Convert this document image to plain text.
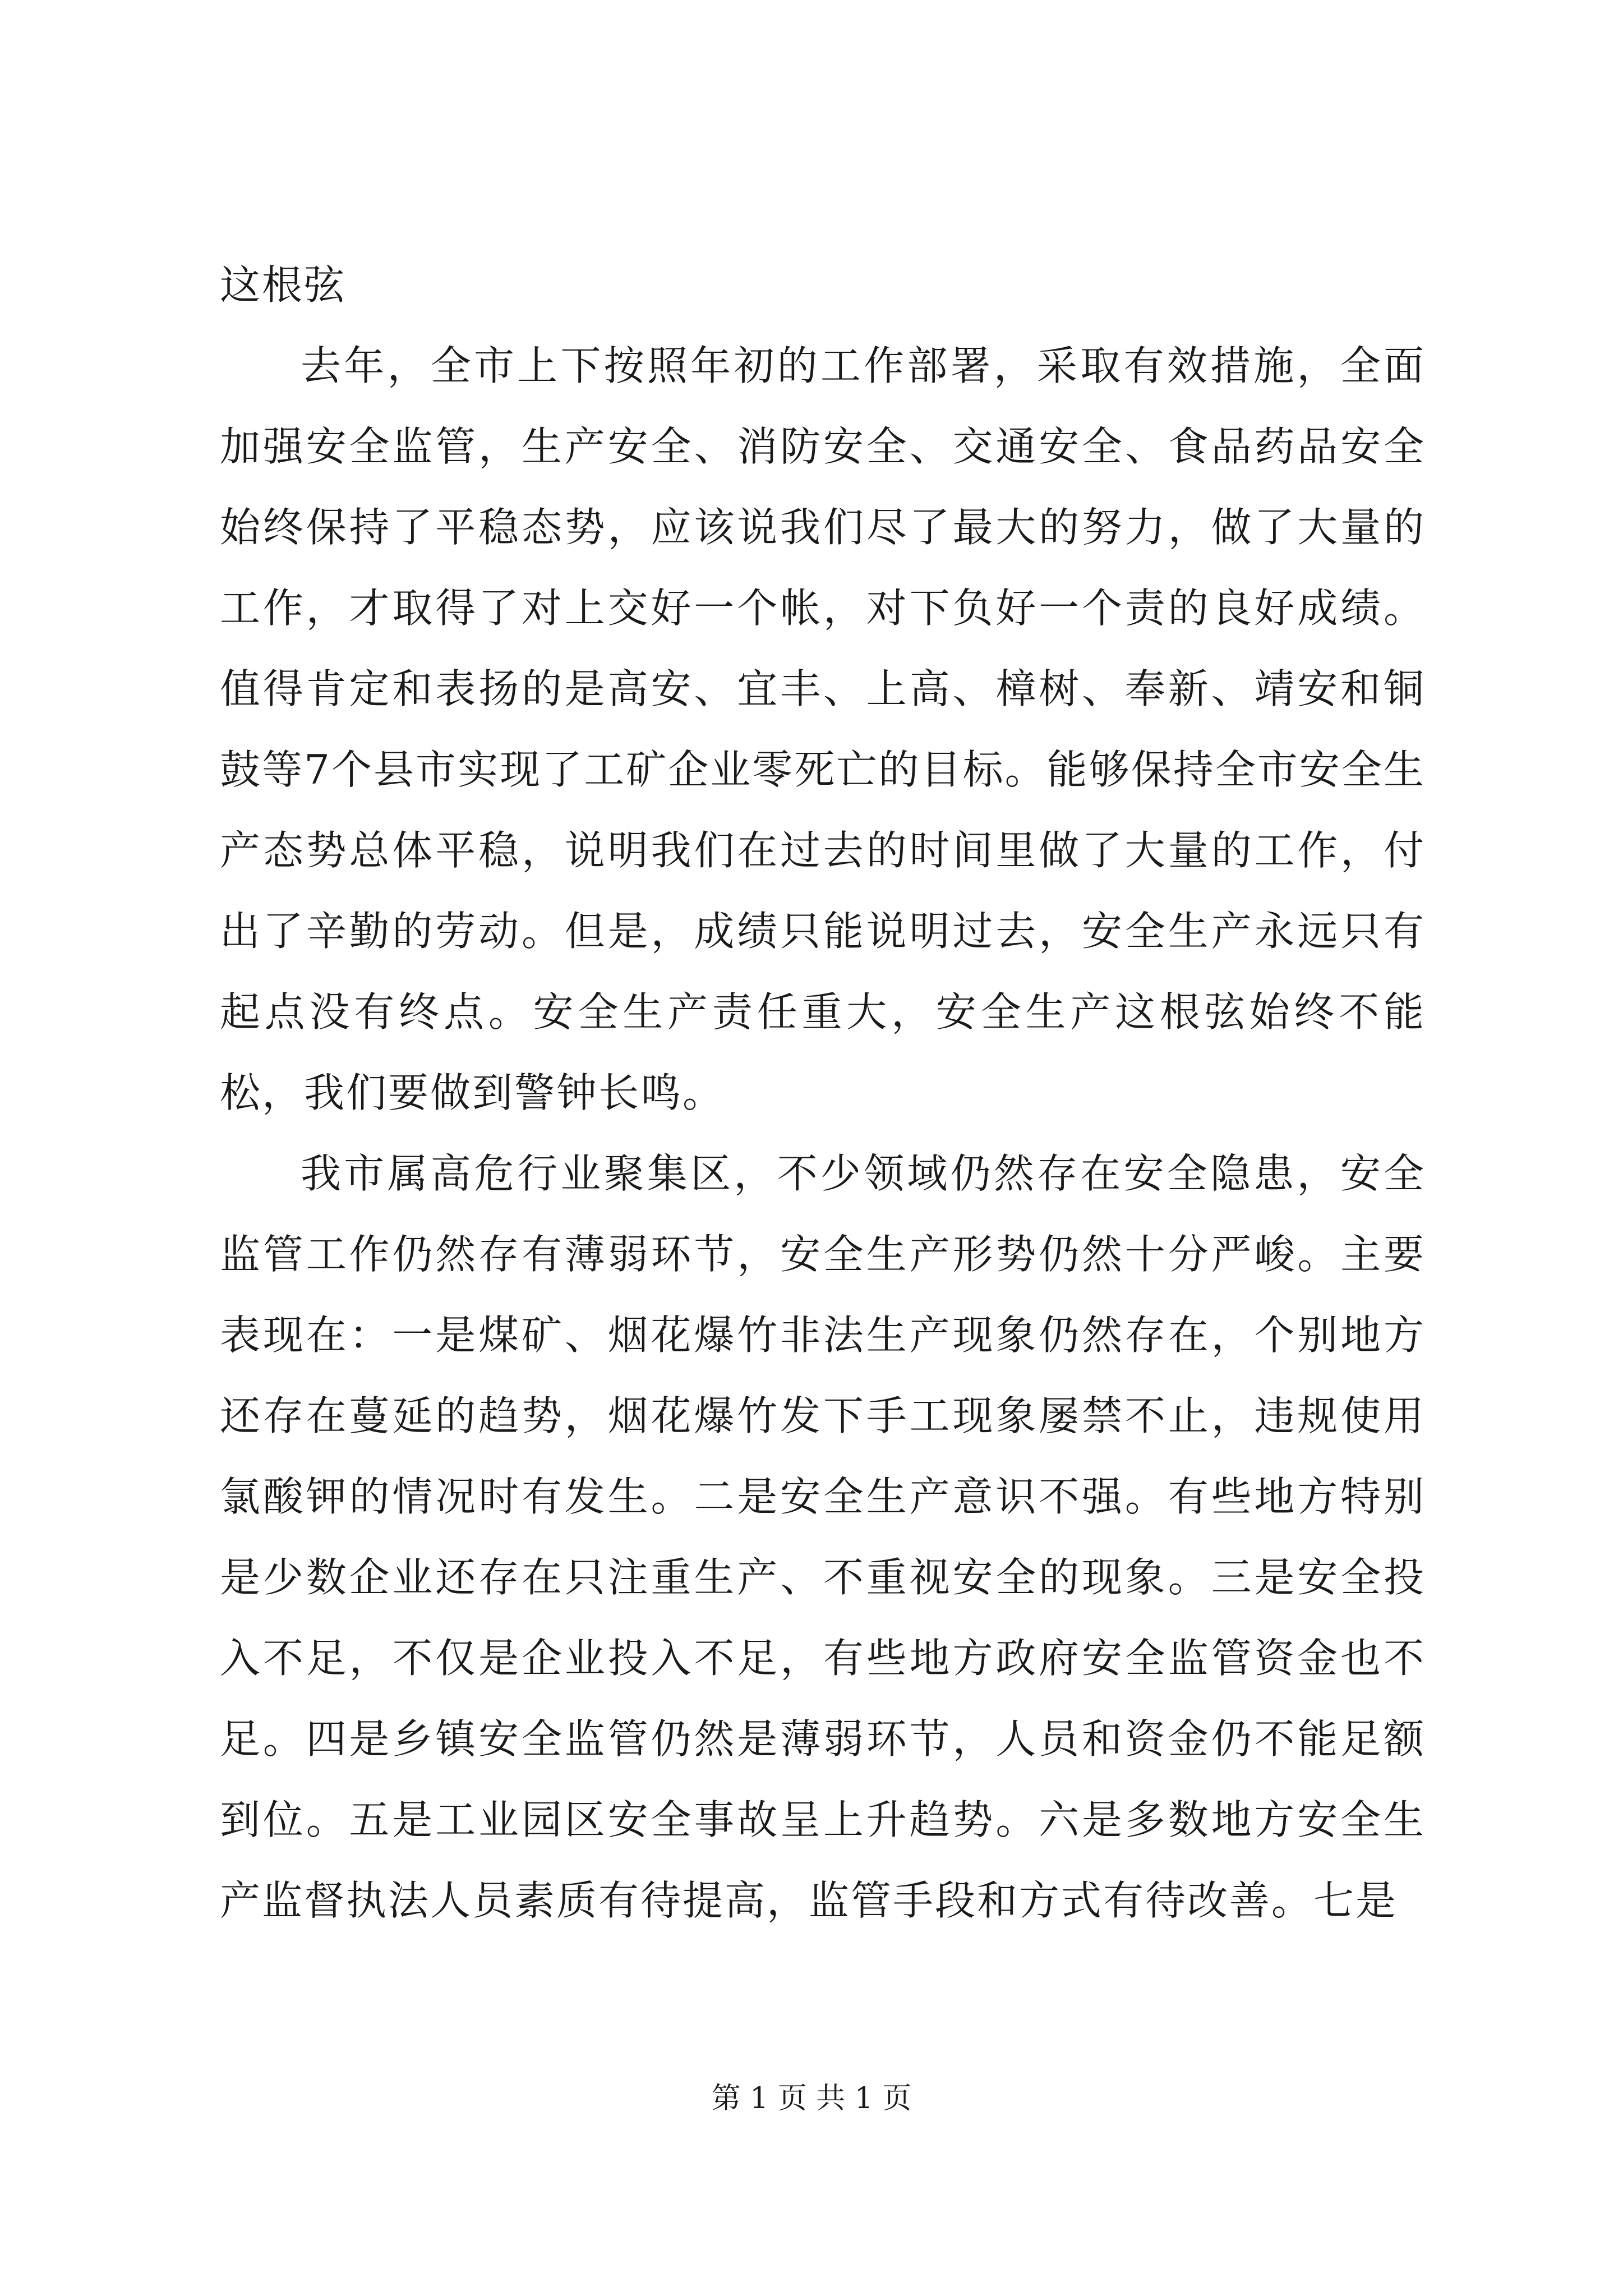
这根弦

去年，全市上下按照年初的工作部署，采取有效措施，全面加强安全监管，生产安全、消防安全、交通安全、食品药品安全始终保持了平稳态势，应该说我们尽了最大的努力，做了大量的工作，才取得了对上交好一个帐，对下负好一个责的良好成绩。值得肯定和表扬的是高安、宜丰、上高、樟树、奉新、靖安和铜鼓等7个县市实现了工矿企业零死亡的目标。能够保持全市安全生产态势总体平稳，说明我们在过去的时间里做了大量的工作，付出了辛勤的劳动。但是，成绩只能说明过去，安全生产永远只有起点没有终点。安全生产责任重大，安全生产这根弦始终不能松，我们要做到警钟长鸣。

我市属高危行业聚集区，不少领域仍然存在安全隐患，安全监管工作仍然存有薄弱环节，安全生产形势仍然十分严峻。主要表现在：一是煤矿、烟花爆竹非法生产现象仍然存在，个别地方还存在蔓延的趋势，烟花爆竹发下手工现象屡禁不止，违规使用氯酸钾的情况时有发生。二是安全生产意识不强。有些地方特别是少数企业还存在只注重生产、不重视安全的现象。三是安全投入不足，不仅是企业投入不足，有些地方政府安全监管资金也不足。四是乡镇安全监管仍然是薄弱环节，人员和资金仍不能足额到位。五是工业园区安全事故呈上升趋势。六是多数地方安全生产监督执法人员素质有待提高，监管手段和方式有待改善。七是

第 1 页 共 1 页
